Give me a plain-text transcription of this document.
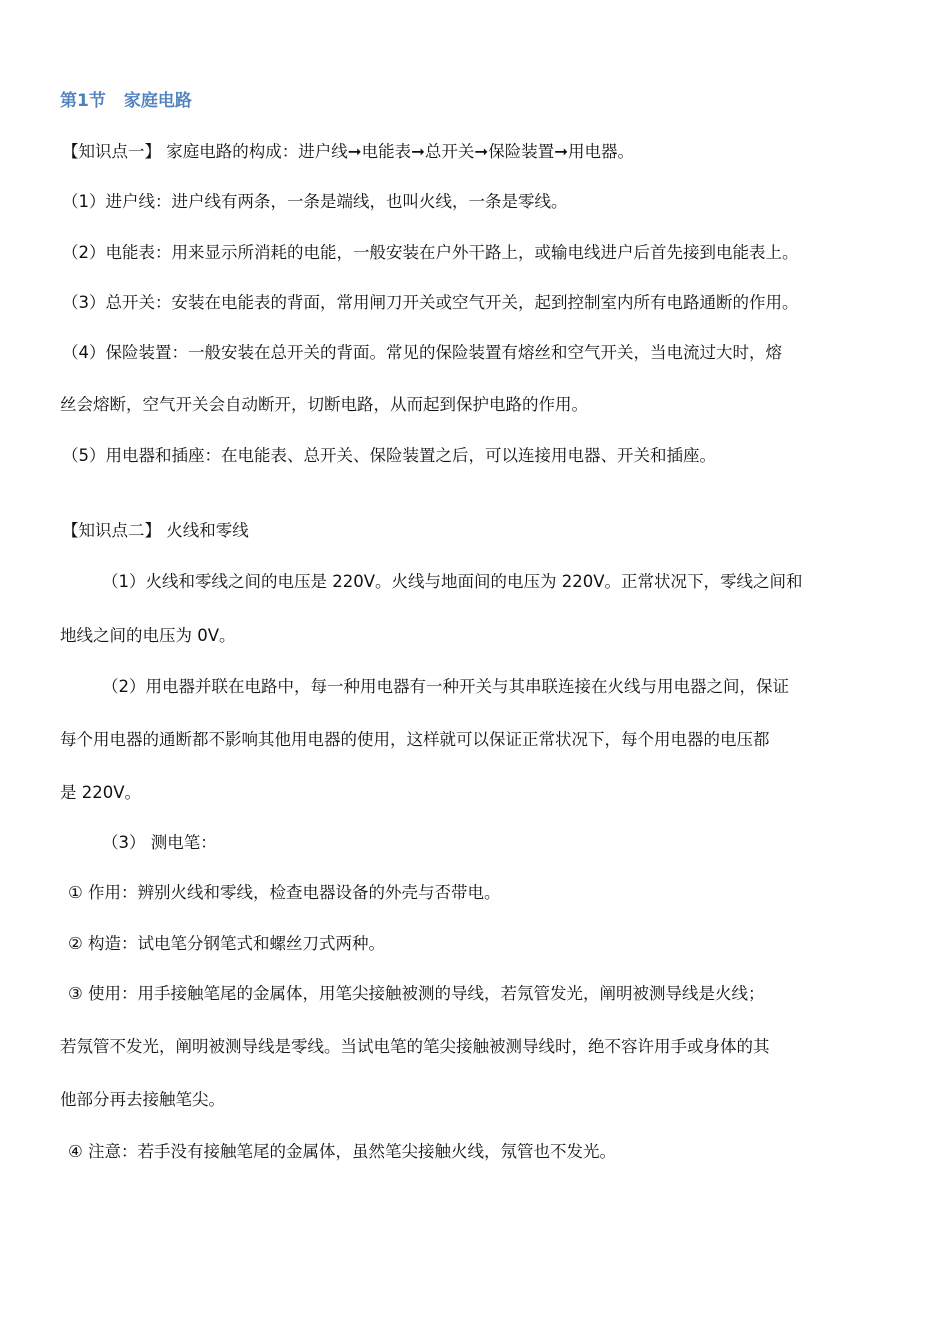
第1节 家庭电路
【知识点一】 家庭电路的构成：进户线➞电能表➞总开关➞保险装置➞用电器。
（1）进户线：进户线有两条，一条是端线，也叫火线，一条是零线。
（2）电能表：用来显示所消耗的电能，一般安装在户外干路上，或输电线进户后首先接到电能表上。
（3）总开关：安装在电能表的背面，常用闸刀开关或空气开关，起到控制室内所有电路通断的作用。
（4）保险装置：一般安装在总开关的背面。常见的保险装置有熔丝和空气开关，当电流过大时，熔
丝会熔断，空气开关会自动断开，切断电路，从而起到保护电路的作用。
（5）用电器和插座：在电能表、总开关、保险装置之后，可以连接用电器、开关和插座。
【知识点二】 火线和零线
（1）火线和零线之间的电压是 220V。火线与地面间的电压为 220V。正常状况下，零线之间和
地线之间的电压为 0V。
（2）用电器并联在电路中，每一种用电器有一种开关与其串联连接在火线与用电器之间，保证
每个用电器的通断都不影响其他用电器的使用，这样就可以保证正常状况下，每个用电器的电压都
是 220V。
（3） 测电笔：
① 作用：辨别火线和零线，检查电器设备的外壳与否带电。
② 构造：试电笔分钢笔式和螺丝刀式两种。
③ 使用：用手接触笔尾的金属体，用笔尖接触被测的导线，若氖管发光，阐明被测导线是火线；
若氖管不发光，阐明被测导线是零线。当试电笔的笔尖接触被测导线时，绝不容许用手或身体的其
他部分再去接触笔尖。
④ 注意：若手没有接触笔尾的金属体，虽然笔尖接触火线，氖管也不发光。
